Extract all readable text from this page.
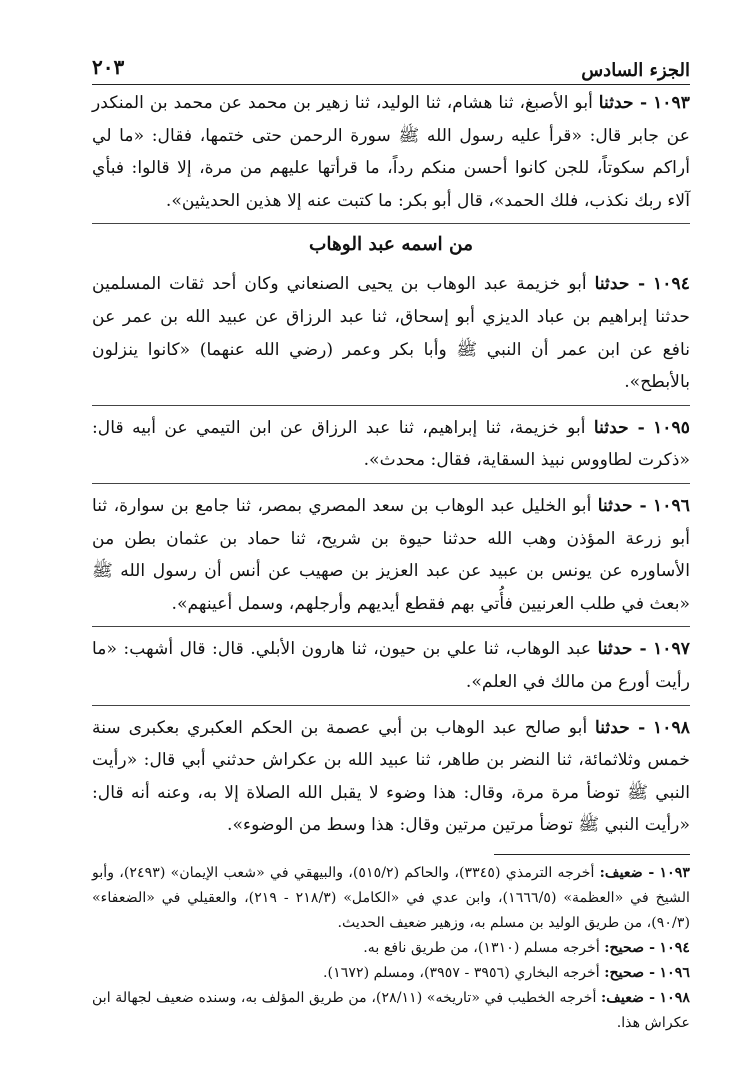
الجزء السادس
٢٠٣

١٠٩٣ - حدثنا أبو الأصبغ، ثنا هشام، ثنا الوليد، ثنا زهير بن محمد عن محمد بن المنكدر عن جابر قال: «قرأ عليه رسول الله ﷺ سورة الرحمن حتى ختمها، فقال: «ما لي أراكم سكوتاً، للجن كانوا أحسن منكم رداً، ما قرأتها عليهم من مرة، إلا قالوا: فبأي آلاء ربك نكذب، فلك الحمد»، قال أبو بكر: ما كتبت عنه إلا هذين الحديثين».

من اسمه عبد الوهاب

١٠٩٤ - حدثنا أبو خزيمة عبد الوهاب بن يحيى الصنعاني وكان أحد ثقات المسلمين حدثنا إبراهيم بن عباد الديزي أبو إسحاق، ثنا عبد الرزاق عن عبيد الله بن عمر عن نافع عن ابن عمر أن النبي ﷺ وأبا بكر وعمر (رضي الله عنهما) «كانوا ينزلون بالأبطح».

١٠٩٥ - حدثنا أبو خزيمة، ثنا إبراهيم، ثنا عبد الرزاق عن ابن التيمي عن أبيه قال: «ذكرت لطاووس نبيذ السقاية، فقال: محدث».

١٠٩٦ - حدثنا أبو الخليل عبد الوهاب بن سعد المصري بمصر، ثنا جامع بن سوارة، ثنا أبو زرعة المؤذن وهب الله حدثنا حيوة بن شريح، ثنا حماد بن عثمان بطن من الأساوره عن يونس بن عبيد عن عبد العزيز بن صهيب عن أنس أن رسول الله ﷺ «بعث في طلب العرنيين فأُتي بهم فقطع أيديهم وأرجلهم، وسمل أعينهم».

١٠٩٧ - حدثنا عبد الوهاب، ثنا علي بن حيون، ثنا هارون الأبلي. قال: قال أشهب: «ما رأيت أورع من مالك في العلم».

١٠٩٨ - حدثنا أبو صالح عبد الوهاب بن أبي عصمة بن الحكم العكبري بعكبرى سنة خمس وثلاثمائة، ثنا النضر بن طاهر، ثنا عبيد الله بن عكراش حدثني أبي قال: «رأيت النبي ﷺ توضأ مرة مرة، وقال: هذا وضوء لا يقبل الله الصلاة إلا به، وعنه أنه قال: «رأيت النبي ﷺ توضأ مرتين مرتين وقال: هذا وسط من الوضوء».

١٠٩٣ - ضعيف: أخرجه الترمذي (٣٣٤٥)، والحاكم (٥١٥/٢)، والبيهقي في «شعب الإيمان» (٢٤٩٣)، وأبو الشيخ في «العظمة» (١٦٦٦/٥)، وابن عدي في «الكامل» (٢١٨/٣ - ٢١٩)، والعقيلي في «الضعفاء» (٩٠/٣)، من طريق الوليد بن مسلم به، وزهير ضعيف الحديث.

١٠٩٤ - صحيح: أخرجه مسلم (١٣١٠)، من طريق نافع به.

١٠٩٦ - صحيح: أخرجه البخاري (٣٩٥٦ - ٣٩٥٧)، ومسلم (١٦٧٢).

١٠٩٨ - ضعيف: أخرجه الخطيب في «تاريخه» (٢٨/١١)، من طريق المؤلف به، وسنده ضعيف لجهالة ابن عكراش هذا.
